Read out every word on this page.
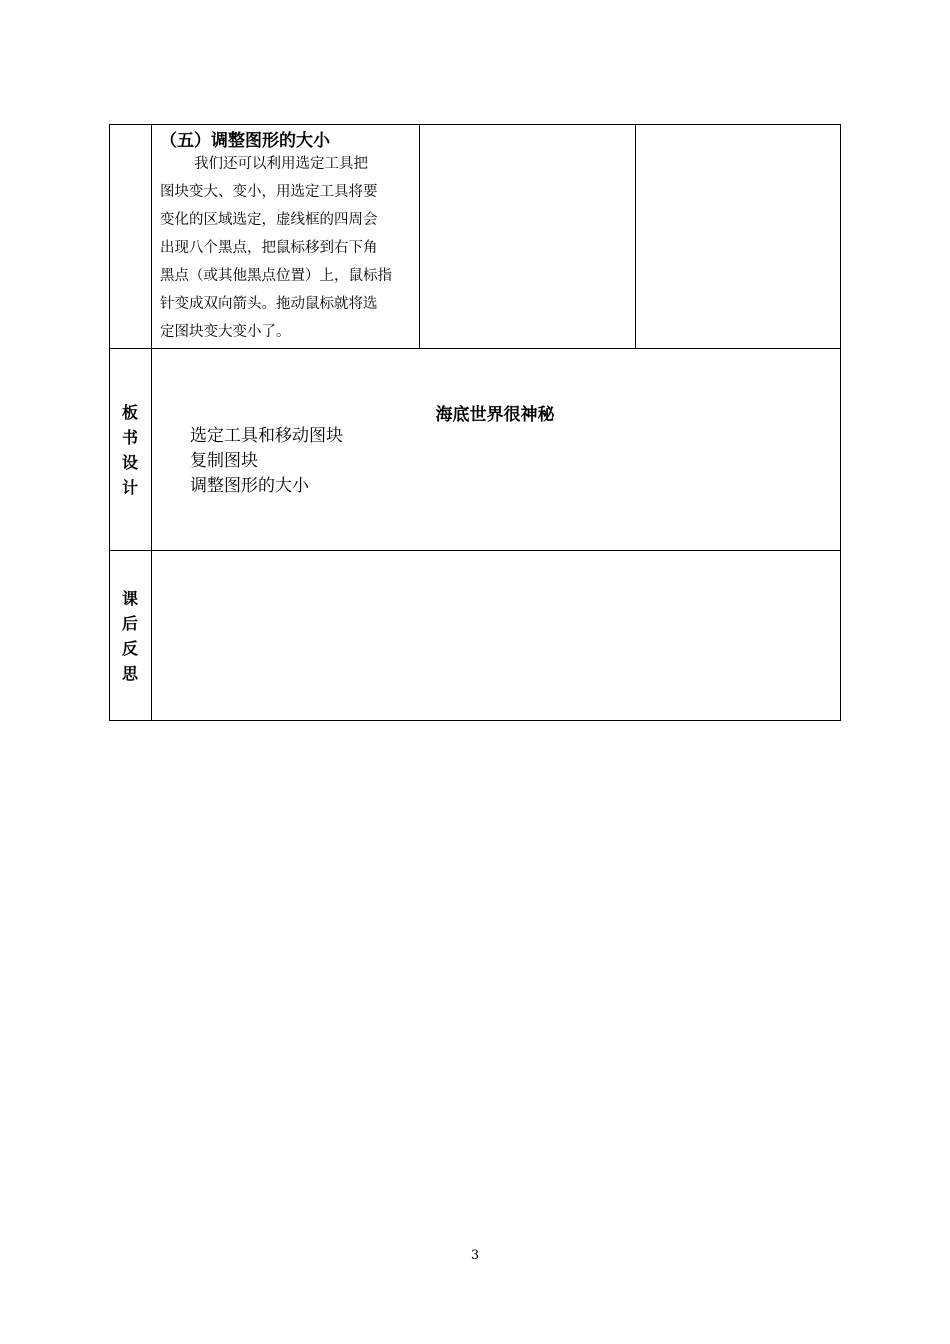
（五）调整图形的大小
我们还可以利用选定工具把
图块变大、变小，用选定工具将要
变化的区域选定，虚线框的四周会
出现八个黑点，把鼠标移到右下角
黑点（或其他黑点位置）上，鼠标指
针变成双向箭头。拖动鼠标就将选
定图块变大变小了。
板
书
设
计
海底世界很神秘
选定工具和移动图块
复制图块
调整图形的大小
课
后
反
思
3
